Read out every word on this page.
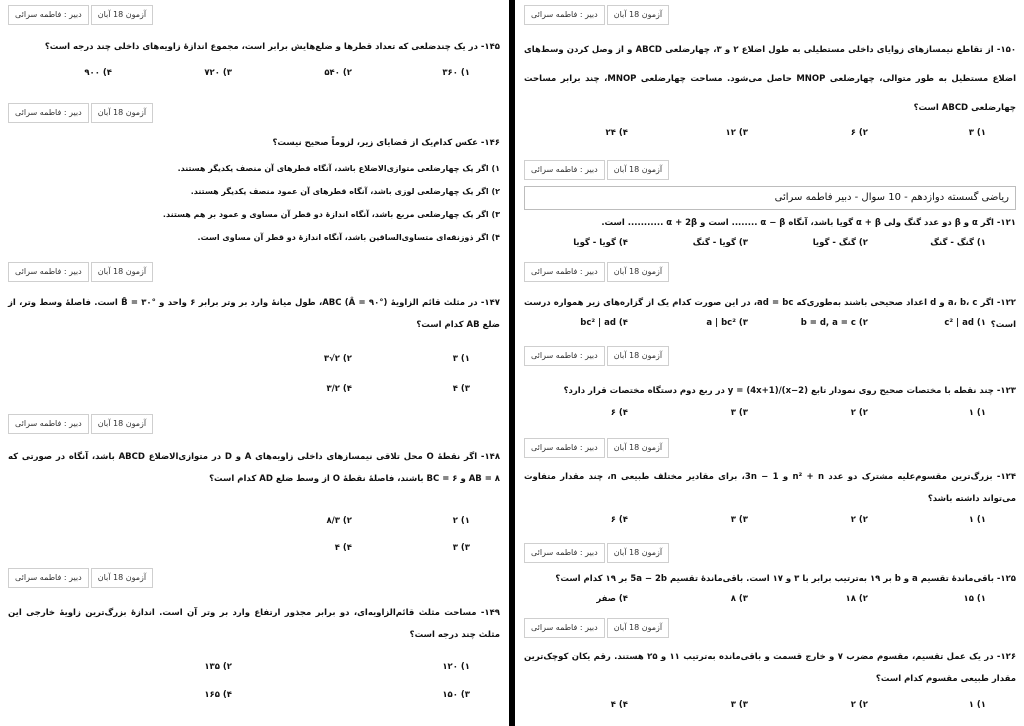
آزمون 18 آبان
دبیر : فاطمه سرائی
۱۴۵- در یک چندضلعی که تعداد قطرها و ضلع‌هایش برابر است، مجموع اندازهٔ زاویه‌های داخلی چند درجه است؟
۱) ۳۶۰
۲) ۵۴۰
۳) ۷۲۰
۴) ۹۰۰
آزمون 18 آبان
دبیر : فاطمه سرائی
۱۴۶- عکس کدام‌یک از قضایای زیر، لزوماً صحیح نیست؟
۱) اگر یک چهارضلعی متوازی‌الاضلاع باشد، آنگاه قطرهای آن منصف یکدیگر هستند.
۲) اگر یک چهارضلعی لوزی باشد، آنگاه قطرهای آن عمود منصف یکدیگر هستند.
۳) اگر یک چهارضلعی مربع باشد، آنگاه اندازهٔ دو قطر آن مساوی و عمود بر هم هستند.
۴) اگر ذوزنقه‌ای متساوی‌الساقین باشد، آنگاه اندازهٔ دو قطر آن مساوی است.
آزمون 18 آبان
دبیر : فاطمه سرائی
۱۴۷- در مثلث قائم الزاویهٔ ABC (Â = ۹۰°)، طول میانهٔ وارد بر وتر برابر ۶ واحد و B̂ = ۳۰° است. فاصلهٔ وسط وتر، از ضلع AB کدام است؟
۱) ۳
۲) ۲√۳
۳) ۴
۴) ۳/۲
آزمون 18 آبان
دبیر : فاطمه سرائی
۱۴۸- اگر نقطهٔ O محل تلاقی نیمسازهای داخلی زاویه‌های A و D در متوازی‌الاضلاع ABCD باشد، آنگاه در صورتی که AB = ۸ و BC = ۶ باشند، فاصلهٔ نقطهٔ O از وسط ضلع AD کدام است؟
۱) ۲
۲) ۸/۳
۳) ۳
۴) ۴
آزمون 18 آبان
دبیر : فاطمه سرائی
۱۴۹- مساحت مثلث قائم‌الزاویه‌ای، دو برابر مجذور ارتفاع وارد بر وتر آن است. اندازهٔ بزرگ‌ترین زاویهٔ خارجی این مثلث چند درجه است؟
۱) ۱۲۰
۲) ۱۳۵
۳) ۱۵۰
۴) ۱۶۵
آزمون 18 آبان
دبیر : فاطمه سرائی
۱۵۰- از تقاطع نیمسازهای زوایای داخلی مستطیلی به طول اضلاع ۲ و ۳، چهارضلعی ABCD و از وصل کردن وسط‌های اضلاع مستطیل به طور متوالی، چهارضلعی MNOP حاصل می‌شود. مساحت چهارضلعی MNOP، چند برابر مساحت چهارضلعی ABCD است؟
۱) ۳
۲) ۶
۳) ۱۲
۴) ۲۴
آزمون 18 آبان
دبیر : فاطمه سرائی
ریاضی گسسته دوازدهم - 10 سوال - دبیر فاطمه سرائی
۱۲۱- اگر α و β دو عدد گنگ ولی α + β گویا باشد، آنگاه α − β ........ است و α + 2β ........... است.
۱) گنگ - گنگ
۲) گنگ - گویا
۳) گویا - گنگ
۴) گویا - گویا
آزمون 18 آبان
دبیر : فاطمه سرائی
۱۲۲- اگر a، b، c و d اعداد صحیحی باشند به‌طوری‌که ad = bc، در این صورت کدام یک از گزاره‌های زیر همواره درست است؟
۱) c² | ad
۲) b = d, a = c
۳) a | bc²
۴) bc² | ad
آزمون 18 آبان
دبیر : فاطمه سرائی
۱۲۳- چند نقطه با مختصات صحیح روی نمودار تابع y = (4x+1)/(x−2) در ربع دوم دستگاه مختصات قرار دارد؟
۱) ۱
۲) ۲
۳) ۳
۴) ۶
آزمون 18 آبان
دبیر : فاطمه سرائی
۱۲۴- بزرگ‌ترین مقسوم‌علیه مشترک دو عدد n² + n و 3n − 1، برای مقادیر مختلف طبیعی n، چند مقدار متفاوت می‌تواند داشته باشد؟
۱) ۱
۲) ۲
۳) ۳
۴) ۶
آزمون 18 آبان
دبیر : فاطمه سرائی
۱۲۵- باقی‌ماندهٔ تقسیم a و b بر ۱۹ به‌ترتیب برابر با ۳ و ۱۷ است. باقی‌ماندهٔ تقسیم 5a − 2b بر ۱۹ کدام است؟
۱) ۱۵
۲) ۱۸
۳) ۸
۴) صفر
آزمون 18 آبان
دبیر : فاطمه سرائی
۱۲۶- در یک عمل تقسیم، مقسوم مضرب ۷ و خارج قسمت و باقی‌مانده به‌ترتیب ۱۱ و ۲۵ هستند. رقم یکان کوچک‌ترین مقدار طبیعی مقسوم کدام است؟
۱) ۱
۲) ۲
۳) ۳
۴) ۴
